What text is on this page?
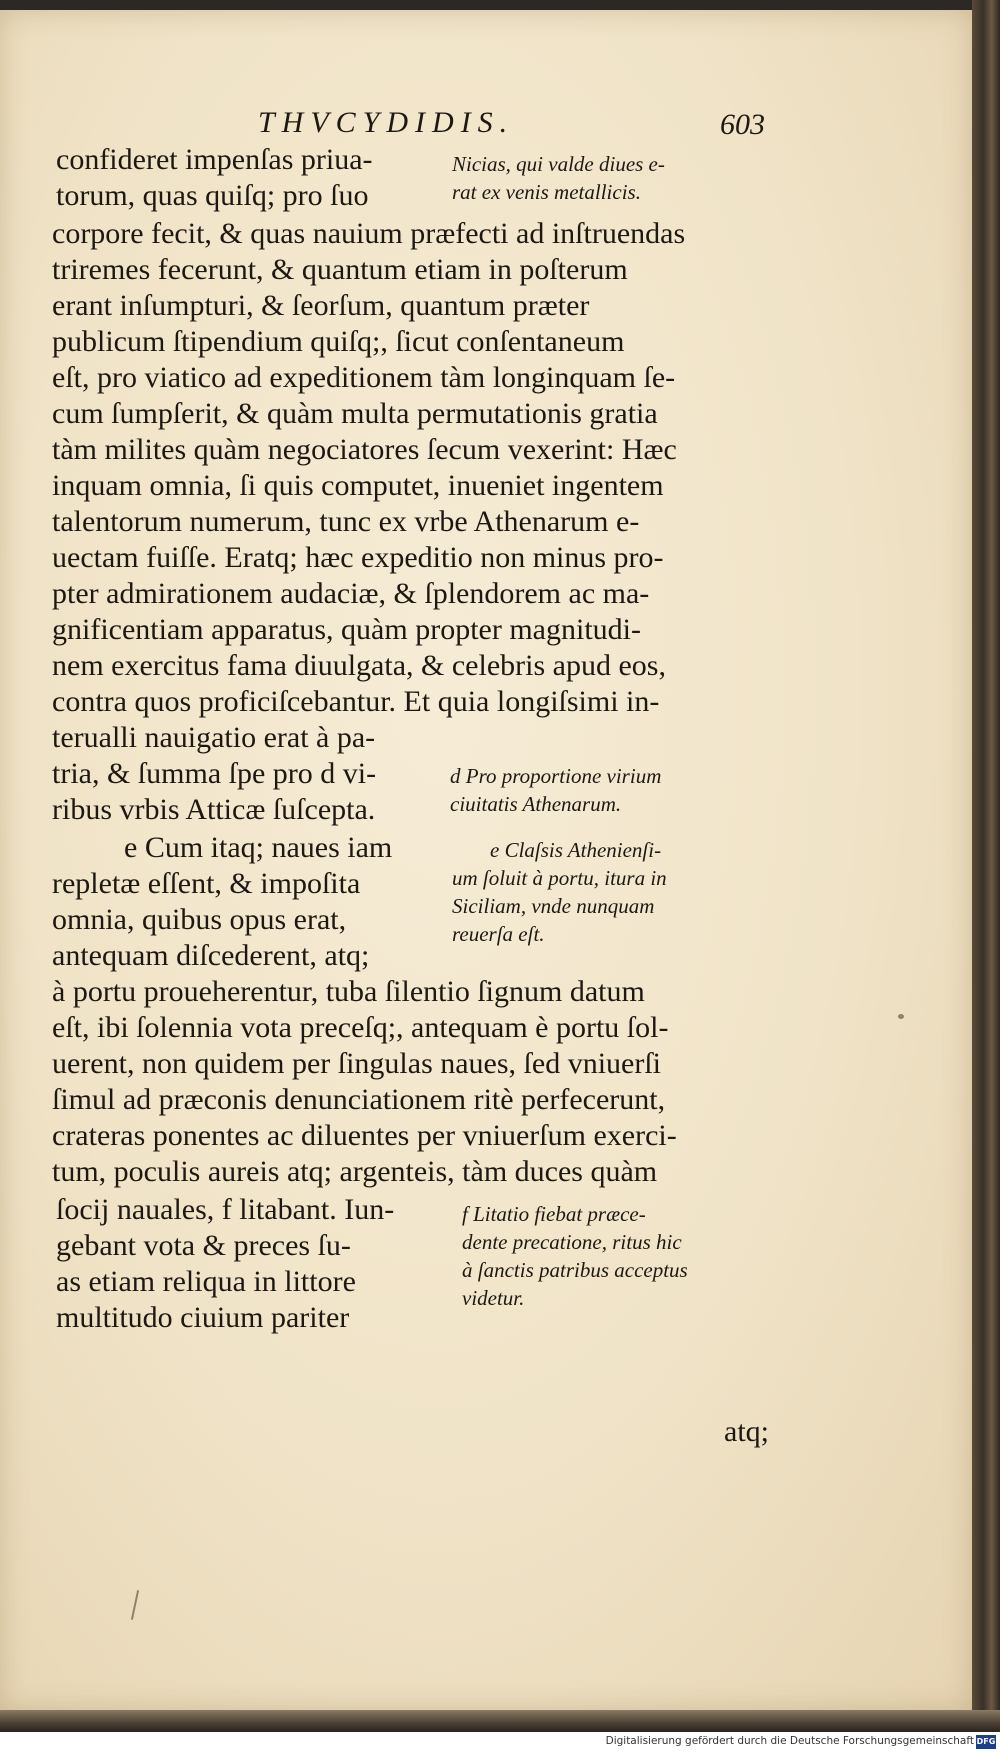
THVCYDIDIS.	603
confideret impenſas priua-
torum, quas quiſq; pro ſuo
Nicias, qui valde diues e-
rat ex venis metallicis.
corpore fecit, & quas nauium præfecti ad inſtruendas
triremes fecerunt, & quantum etiam in poſterum
erant inſumpturi, & ſeorſum, quantum præter
publicum ſtipendium quiſq;, ſicut conſentaneum
eſt, pro viatico ad expeditionem tàm longinquam ſe-
cum ſumpſerit, & quàm multa permutationis gratia
tàm milites quàm negociatores ſecum vexerint: Hæc
inquam omnia, ſi quis computet, inueniet ingentem
talentorum numerum, tunc ex vrbe Athenarum e-
uectam fuiſſe. Eratq; hæc expeditio non minus pro-
pter admirationem audaciæ, & ſplendorem ac ma-
gnificentiam apparatus, quàm propter magnitudi-
nem exercitus fama diuulgata, & celebris apud eos,
contra quos proficiſcebantur. Et quia longiſsimi in-
terualli nauigatio erat à pa-
tria, & ſumma ſpe pro d vi-
ribus vrbis Atticæ ſuſcepta.
d Pro proportione virium
ciuitatis Athenarum.
e Cum itaq; naues iam
repletæ eſſent, & impoſita
omnia, quibus opus erat,
antequam diſcederent, atq;
e Claſsis Athenienſi-
um ſoluit à portu, itura in
Siciliam, vnde nunquam
reuerſa eſt.
à portu proueherentur, tuba ſilentio ſignum datum
eſt, ibi ſolennia vota preceſq;, antequam è portu ſol-
uerent, non quidem per ſingulas naues, ſed vniuerſi
ſimul ad præconis denunciationem ritè perfecerunt,
crateras ponentes ac diluentes per vniuerſum exerci-
tum, poculis aureis atq; argenteis, tàm duces quàm
ſocij nauales, f litabant. Iun-
gebant vota & preces ſu-
as etiam reliqua in littore
multitudo ciuium pariter
f Litatio fiebat præce-
dente precatione, ritus hic
à ſanctis patribus acceptus
videtur.
atq;
Digitalisierung gefördert durch die Deutsche Forschungsgemeinschaft DFG
